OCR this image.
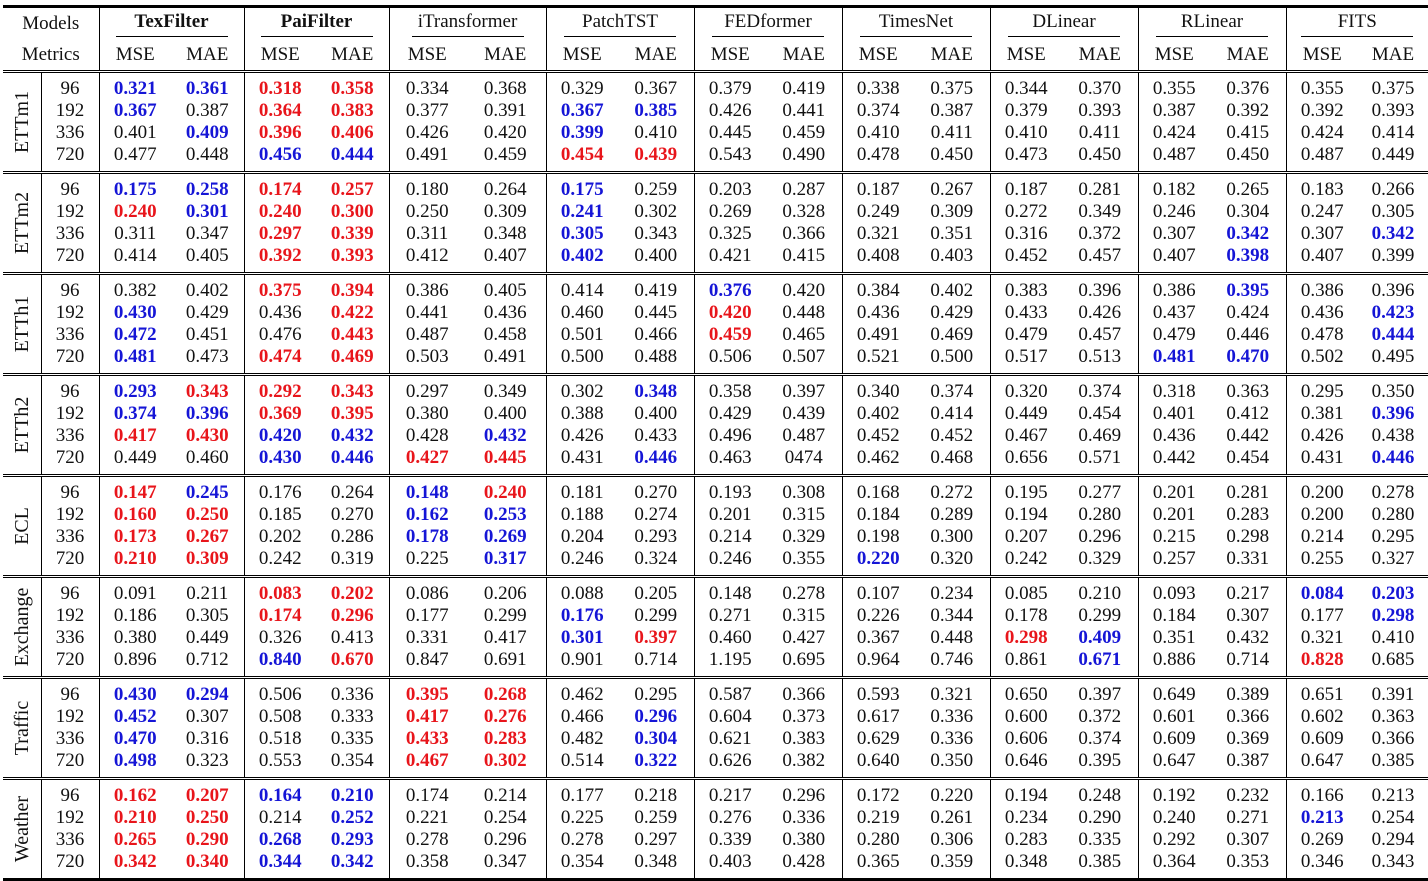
Models		TexFilter		PaiFilter		iTransformer		PatchTST		FEDformer		TimesNet		DLinear		RLinear		FITS	
Metrics		MSE	MAE	MSE	MAE	MSE	MAE	MSE	MAE	MSE	MAE	MSE	MAE	MSE	MAE	MSE	MAE	MSE	MAE

ETTm1	96	0.321	0.361	0.318	0.358	0.334	0.368	0.329	0.367	0.379	0.419	0.338	0.375	0.344	0.370	0.355	0.376	0.355	0.375
	192	0.367	0.387	0.364	0.383	0.377	0.391	0.367	0.385	0.426	0.441	0.374	0.387	0.379	0.393	0.387	0.392	0.392	0.393
	336	0.401	0.409	0.396	0.406	0.426	0.420	0.399	0.410	0.445	0.459	0.410	0.411	0.410	0.411	0.424	0.415	0.424	0.414
	720	0.477	0.448	0.456	0.444	0.491	0.459	0.454	0.439	0.543	0.490	0.478	0.450	0.473	0.450	0.487	0.450	0.487	0.449

ETTm2	96	0.175	0.258	0.174	0.257	0.180	0.264	0.175	0.259	0.203	0.287	0.187	0.267	0.187	0.281	0.182	0.265	0.183	0.266
	192	0.240	0.301	0.240	0.300	0.250	0.309	0.241	0.302	0.269	0.328	0.249	0.309	0.272	0.349	0.246	0.304	0.247	0.305
	336	0.311	0.347	0.297	0.339	0.311	0.348	0.305	0.343	0.325	0.366	0.321	0.351	0.316	0.372	0.307	0.342	0.307	0.342
	720	0.414	0.405	0.392	0.393	0.412	0.407	0.402	0.400	0.421	0.415	0.408	0.403	0.452	0.457	0.407	0.398	0.407	0.399

ETTh1	96	0.382	0.402	0.375	0.394	0.386	0.405	0.414	0.419	0.376	0.420	0.384	0.402	0.383	0.396	0.386	0.395	0.386	0.396
	192	0.430	0.429	0.436	0.422	0.441	0.436	0.460	0.445	0.420	0.448	0.436	0.429	0.433	0.426	0.437	0.424	0.436	0.423
	336	0.472	0.451	0.476	0.443	0.487	0.458	0.501	0.466	0.459	0.465	0.491	0.469	0.479	0.457	0.479	0.446	0.478	0.444
	720	0.481	0.473	0.474	0.469	0.503	0.491	0.500	0.488	0.506	0.507	0.521	0.500	0.517	0.513	0.481	0.470	0.502	0.495

ETTh2	96	0.293	0.343	0.292	0.343	0.297	0.349	0.302	0.348	0.358	0.397	0.340	0.374	0.320	0.374	0.318	0.363	0.295	0.350
	192	0.374	0.396	0.369	0.395	0.380	0.400	0.388	0.400	0.429	0.439	0.402	0.414	0.449	0.454	0.401	0.412	0.381	0.396
	336	0.417	0.430	0.420	0.432	0.428	0.432	0.426	0.433	0.496	0.487	0.452	0.452	0.467	0.469	0.436	0.442	0.426	0.438
	720	0.449	0.460	0.430	0.446	0.427	0.445	0.431	0.446	0.463	0474	0.462	0.468	0.656	0.571	0.442	0.454	0.431	0.446

ECL	96	0.147	0.245	0.176	0.264	0.148	0.240	0.181	0.270	0.193	0.308	0.168	0.272	0.195	0.277	0.201	0.281	0.200	0.278
	192	0.160	0.250	0.185	0.270	0.162	0.253	0.188	0.274	0.201	0.315	0.184	0.289	0.194	0.280	0.201	0.283	0.200	0.280
	336	0.173	0.267	0.202	0.286	0.178	0.269	0.204	0.293	0.214	0.329	0.198	0.300	0.207	0.296	0.215	0.298	0.214	0.295
	720	0.210	0.309	0.242	0.319	0.225	0.317	0.246	0.324	0.246	0.355	0.220	0.320	0.242	0.329	0.257	0.331	0.255	0.327

Exchange	96	0.091	0.211	0.083	0.202	0.086	0.206	0.088	0.205	0.148	0.278	0.107	0.234	0.085	0.210	0.093	0.217	0.084	0.203
	192	0.186	0.305	0.174	0.296	0.177	0.299	0.176	0.299	0.271	0.315	0.226	0.344	0.178	0.299	0.184	0.307	0.177	0.298
	336	0.380	0.449	0.326	0.413	0.331	0.417	0.301	0.397	0.460	0.427	0.367	0.448	0.298	0.409	0.351	0.432	0.321	0.410
	720	0.896	0.712	0.840	0.670	0.847	0.691	0.901	0.714	1.195	0.695	0.964	0.746	0.861	0.671	0.886	0.714	0.828	0.685

Traffic	96	0.430	0.294	0.506	0.336	0.395	0.268	0.462	0.295	0.587	0.366	0.593	0.321	0.650	0.397	0.649	0.389	0.651	0.391
	192	0.452	0.307	0.508	0.333	0.417	0.276	0.466	0.296	0.604	0.373	0.617	0.336	0.600	0.372	0.601	0.366	0.602	0.363
	336	0.470	0.316	0.518	0.335	0.433	0.283	0.482	0.304	0.621	0.383	0.629	0.336	0.606	0.374	0.609	0.369	0.609	0.366
	720	0.498	0.323	0.553	0.354	0.467	0.302	0.514	0.322	0.626	0.382	0.640	0.350	0.646	0.395	0.647	0.387	0.647	0.385

Weather	96	0.162	0.207	0.164	0.210	0.174	0.214	0.177	0.218	0.217	0.296	0.172	0.220	0.194	0.248	0.192	0.232	0.166	0.213
	192	0.210	0.250	0.214	0.252	0.221	0.254	0.225	0.259	0.276	0.336	0.219	0.261	0.234	0.290	0.240	0.271	0.213	0.254
	336	0.265	0.290	0.268	0.293	0.278	0.296	0.278	0.297	0.339	0.380	0.280	0.306	0.283	0.335	0.292	0.307	0.269	0.294
	720	0.342	0.340	0.344	0.342	0.358	0.347	0.354	0.348	0.403	0.428	0.365	0.359	0.348	0.385	0.364	0.353	0.346	0.343
